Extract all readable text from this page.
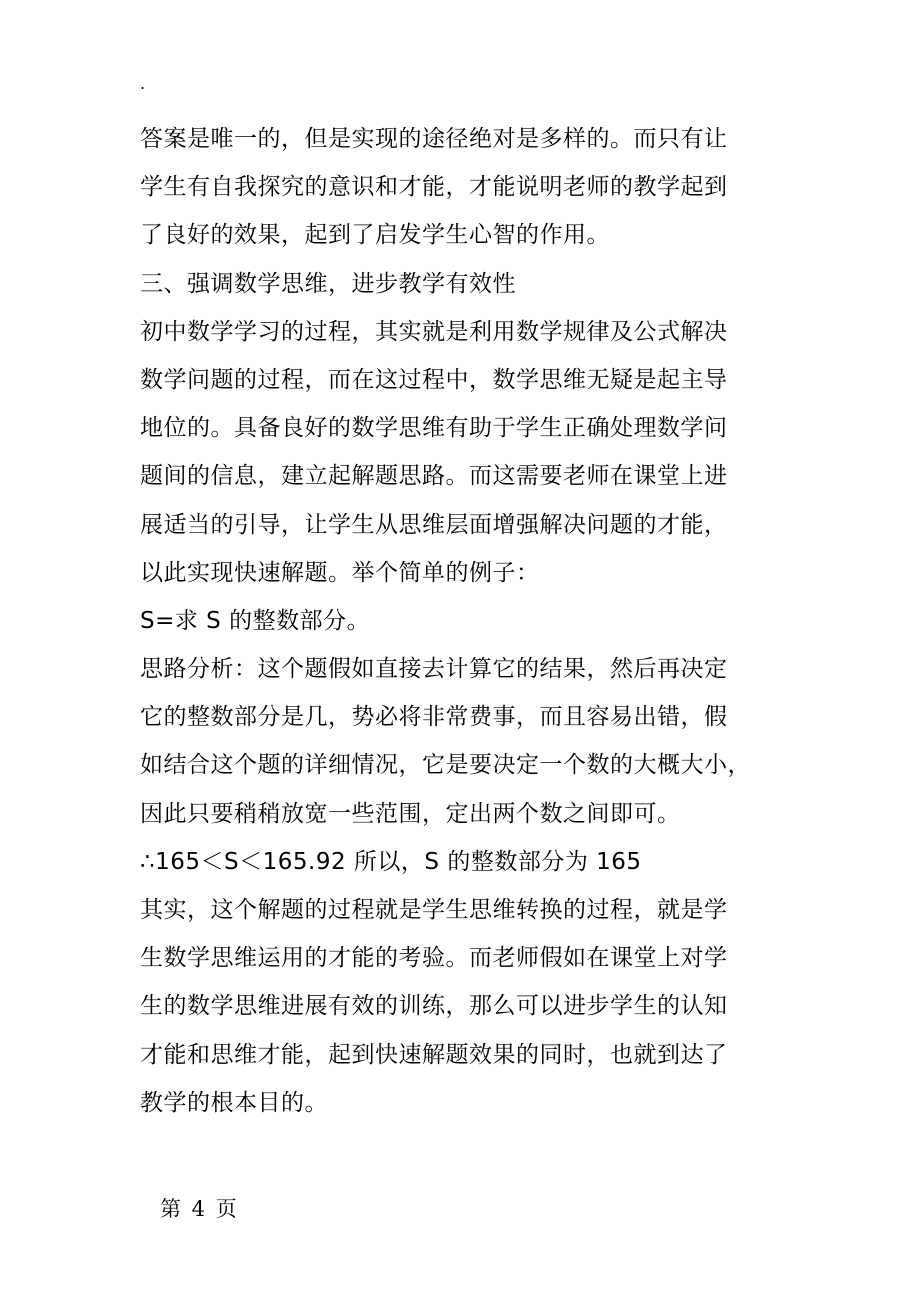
.
答案是唯一的，但是实现的途径绝对是多样的。而只有让
学生有自我探究的意识和才能，才能说明老师的教学起到
了良好的效果，起到了启发学生心智的作用。
三、强调数学思维，进步教学有效性
初中数学学习的过程，其实就是利用数学规律及公式解决
数学问题的过程，而在这过程中，数学思维无疑是起主导
地位的。具备良好的数学思维有助于学生正确处理数学问
题间的信息，建立起解题思路。而这需要老师在课堂上进
展适当的引导，让学生从思维层面增强解决问题的才能，
以此实现快速解题。举个简单的例子：
S=求 S 的整数部分。
思路分析：这个题假如直接去计算它的结果，然后再决定
它的整数部分是几，势必将非常费事，而且容易出错，假
如结合这个题的详细情况，它是要决定一个数的大概大小，
因此只要稍稍放宽一些范围，定出两个数之间即可。
∴165＜S＜165.92 所以，S 的整数部分为 165
其实，这个解题的过程就是学生思维转换的过程，就是学
生数学思维运用的才能的考验。而老师假如在课堂上对学
生的数学思维进展有效的训练，那么可以进步学生的认知
才能和思维才能，起到快速解题效果的同时，也就到达了
教学的根本目的。
第 4 页
